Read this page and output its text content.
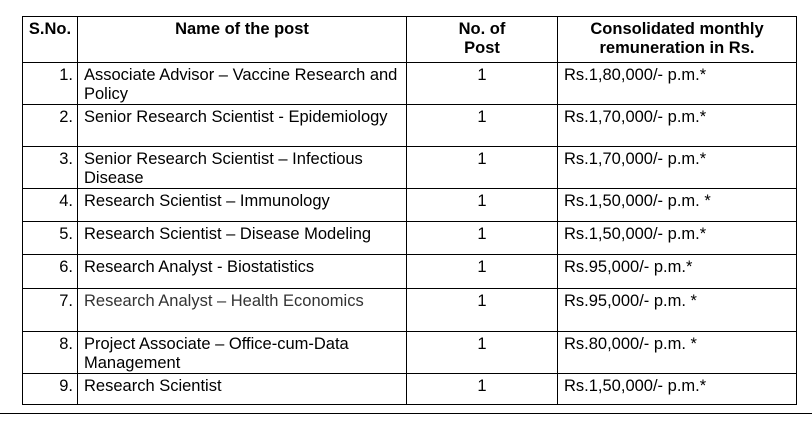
S.No.	Name of the post	No. of Post	Consolidated monthly remuneration in Rs.
1.	Associate Advisor – Vaccine Research and Policy	1	Rs.1,80,000/- p.m.*
2.	Senior Research Scientist - Epidemiology	1	Rs.1,70,000/- p.m.*
3.	Senior Research Scientist – Infectious Disease	1	Rs.1,70,000/- p.m.*
4.	Research Scientist – Immunology	1	Rs.1,50,000/- p.m. *
5.	Research Scientist – Disease Modeling	1	Rs.1,50,000/- p.m.*
6.	Research Analyst - Biostatistics	1	Rs.95,000/- p.m.*
7.	Research Analyst – Health Economics	1	Rs.95,000/- p.m. *
8.	Project Associate – Office-cum-Data Management	1	Rs.80,000/- p.m. *
9.	Research Scientist	1	Rs.1,50,000/- p.m.*
